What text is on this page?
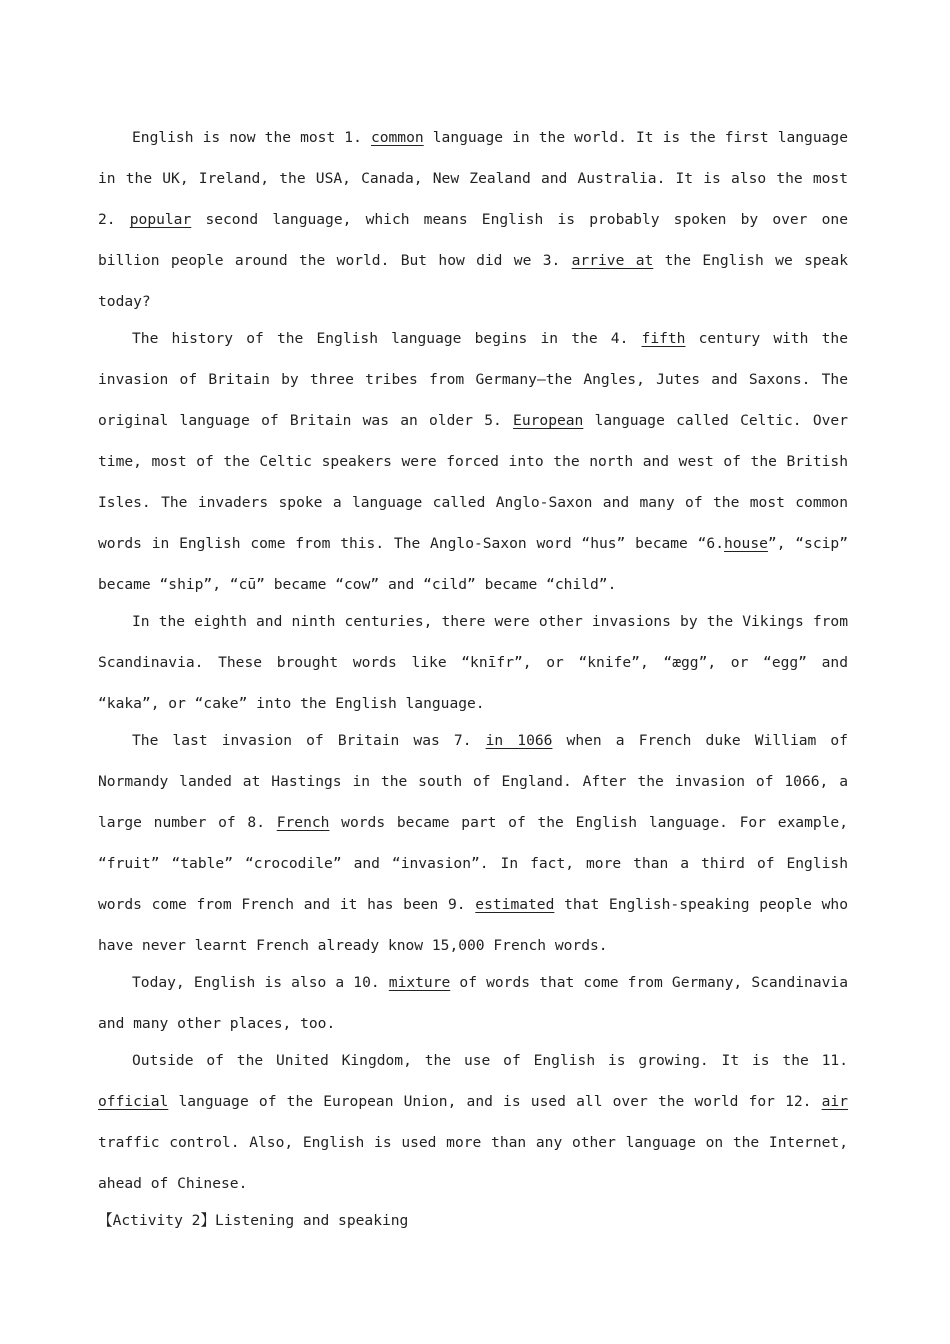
English is now the most 1. common language in the world. It is the first language in the UK, Ireland, the USA, Canada, New Zealand and Australia. It is also the most 2. popular second language, which means English is probably spoken by over one billion people around the world. But how did we 3. arrive at the English we speak today?

The history of the English language begins in the 4. fifth century with the invasion of Britain by three tribes from Germany—the Angles, Jutes and Saxons. The original language of Britain was an older 5. European language called Celtic. Over time, most of the Celtic speakers were forced into the north and west of the British Isles. The invaders spoke a language called Anglo-Saxon and many of the most common words in English come from this. The Anglo-Saxon word “hus” became “6.house”, “scip” became “ship”, “cū” became “cow” and “cild” became “child”.

In the eighth and ninth centuries, there were other invasions by the Vikings from Scandinavia. These brought words like “knīfr”, or “knife”, “ægg”, or “egg” and “kaka”, or “cake” into the English language.

The last invasion of Britain was 7. in 1066 when a French duke William of Normandy landed at Hastings in the south of England. After the invasion of 1066, a large number of 8. French words became part of the English language. For example, “fruit” “table” “crocodile” and “invasion”. In fact, more than a third of English words come from French and it has been 9. estimated that English-speaking people who have never learnt French already know 15,000 French words.

Today, English is also a 10. mixture of words that come from Germany, Scandinavia and many other places, too.

Outside of the United Kingdom, the use of English is growing. It is the 11. official language of the European Union, and is used all over the world for 12. air traffic control. Also, English is used more than any other language on the Internet, ahead of Chinese.

【Activity 2】Listening and speaking
